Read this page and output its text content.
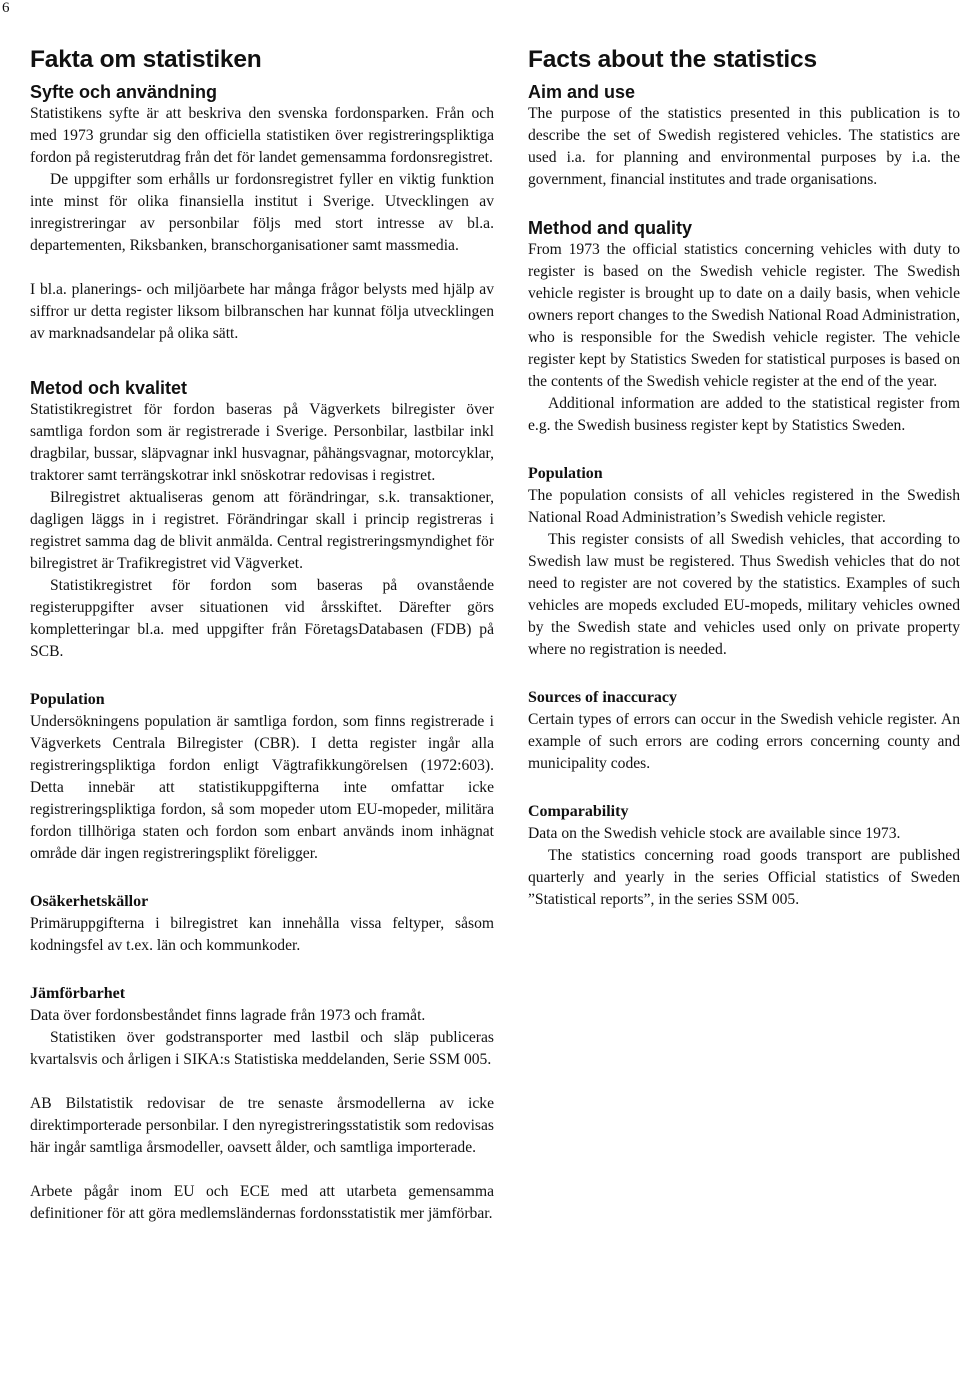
6
Fakta om statistiken
Syfte och användning

Statistikens syfte är att beskriva den svenska fordonsparken. Från och med 1973 grundar sig den officiella statistiken över registreringspliktiga fordon på registerutdrag från det för landet gemensamma fordonsregistret.

De uppgifter som erhålls ur fordonsregistret fyller en viktig funktion inte minst för olika finansiella institut i Sverige. Utvecklingen av inregistreringar av personbilar följs med stort intresse av bl.a. departementen, Riksbanken, branschorganisationer samt massmedia.

I bl.a. planerings- och miljöarbete har många frågor belysts med hjälp av siffror ur detta register liksom bilbranschen har kunnat följa utvecklingen av marknadsandelar på olika sätt.

Metod och kvalitet

Statistikregistret för fordon baseras på Vägverkets bilregister över samtliga fordon som är registrerade i Sverige. Personbilar, lastbilar inkl dragbilar, bussar, släpvagnar inkl husvagnar, påhängsvagnar, motorcyklar, traktorer samt terrängskotrar inkl snöskotrar redovisas i registret.

Bilregistret aktualiseras genom att förändringar, s.k. transaktioner, dagligen läggs in i registret. Förändringar skall i princip registreras i registret samma dag de blivit anmälda. Central registreringsmyndighet för bilregistret är Trafikregistret vid Vägverket.

Statistikregistret för fordon som baseras på ovanstående registeruppgifter avser situationen vid årsskiftet. Därefter görs kompletteringar bl.a. med uppgifter från FöretagsDatabasen (FDB) på SCB.

Population

Undersökningens population är samtliga fordon, som finns registrerade i Vägverkets Centrala Bilregister (CBR). I detta register ingår alla registreringspliktiga fordon enligt Vägtrafikkungörelsen (1972:603). Detta innebär att statistikuppgifterna inte omfattar icke registreringspliktiga fordon, så som mopeder utom EU-mopeder, militära fordon tillhöriga staten och fordon som enbart används inom inhägnat område där ingen registreringsplikt föreligger.

Osäkerhetskällor

Primäruppgifterna i bilregistret kan innehålla vissa feltyper, såsom kodningsfel av t.ex. län och kommunkoder.

Jämförbarhet

Data över fordonsbeståndet finns lagrade från 1973 och framåt.

Statistiken över godstransporter med lastbil och släp publiceras kvartalsvis och årligen i SIKA:s Statistiska meddelanden, Serie SSM 005.

AB Bilstatistik redovisar de tre senaste årsmodellerna av icke direktimporterade personbilar. I den nyregistreringsstatistik som redovisas här ingår samtliga årsmodeller, oavsett ålder, och samtliga importerade.

Arbete pågår inom EU och ECE med att utarbeta gemensamma definitioner för att göra medlemsländernas fordonsstatistik mer jämförbar.

Facts about the statistics
Aim and use

The purpose of the statistics presented in this publication is to describe the set of Swedish registered vehicles. The statistics are used i.a. for planning and environmental purposes by i.a. the government, financial institutes and trade organisations.

Method and quality

From 1973 the official statistics concerning vehicles with duty to register is based on the Swedish vehicle register. The Swedish vehicle register is brought up to date on a daily basis, when vehicle owners report changes to the Swedish National Road Administration, who is responsible for the Swedish vehicle register. The vehicle register kept by Statistics Sweden for statistical purposes is based on the contents of the Swedish vehicle register at the end of the year.

Additional information are added to the statistical register from e.g. the Swedish business register kept by Statistics Sweden.

Population

The population consists of all vehicles registered in the Swedish National Road Administration’s Swedish vehicle register.

This register consists of all Swedish vehicles, that according to Swedish law must be registered. Thus Swedish vehicles that do not need to register are not covered by the statistics. Examples of such vehicles are mopeds excluded EU-mopeds, military vehicles owned by the Swedish state and vehicles used only on private property where no registration is needed.

Sources of inaccuracy

Certain types of errors can occur in the Swedish vehicle register. An example of such errors are coding errors concerning county and municipality codes.

Comparability

Data on the Swedish vehicle stock are available since 1973.

The statistics concerning road goods transport are published quarterly and yearly in the series Official statistics of Sweden ”Statistical reports”, in the series SSM 005.
